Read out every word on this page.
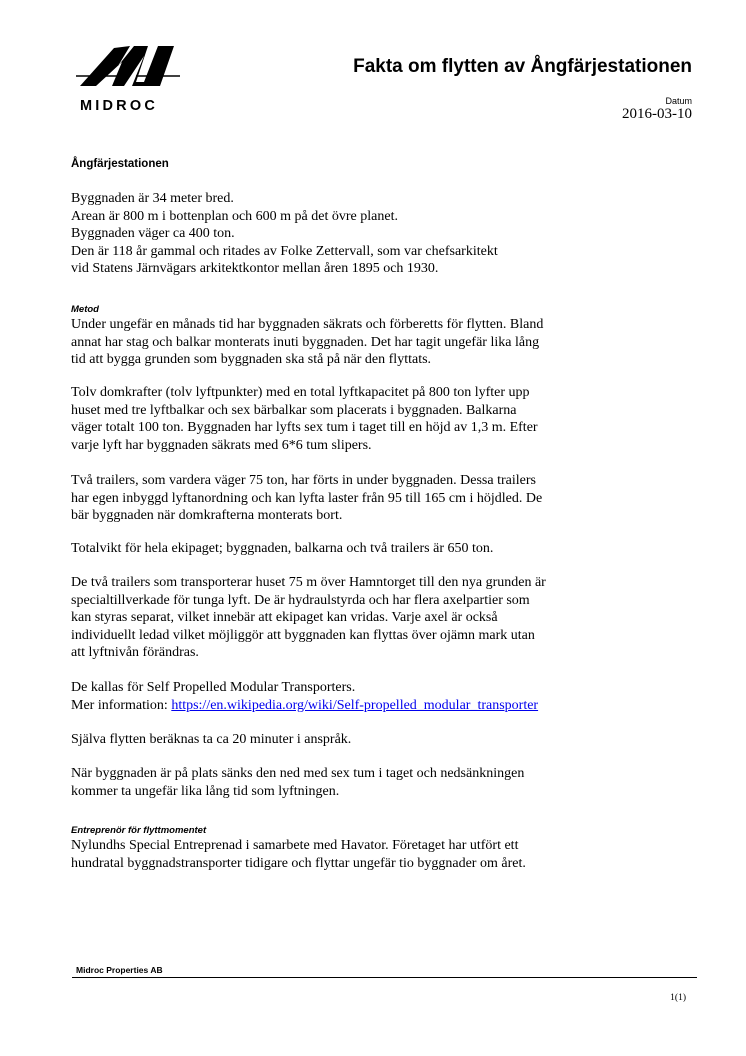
MIDROC
Fakta om flytten av Ångfärjestationen
Datum
2016-03-10
Ångfärjestationen
Byggnaden är 34 meter bred.
Arean är 800 m i bottenplan och 600 m på det övre planet.
Byggnaden väger ca 400 ton.
Den är 118 år gammal och ritades av Folke Zettervall, som var chefsarkitekt
vid Statens Järnvägars arkitektkontor mellan åren 1895 och 1930.
Metod
Under ungefär en månads tid har byggnaden säkrats och förberetts för flytten. Bland
annat har stag och balkar monterats inuti byggnaden. Det har tagit ungefär lika lång
tid att bygga grunden som byggnaden ska stå på när den flyttats.
Tolv domkrafter (tolv lyftpunkter) med en total lyftkapacitet på 800 ton lyfter upp
huset med tre lyftbalkar och sex bärbalkar som placerats i byggnaden. Balkarna
väger totalt 100 ton. Byggnaden har lyfts sex tum i taget till en höjd av 1,3 m. Efter
varje lyft har byggnaden säkrats med 6*6 tum slipers.
Två trailers, som vardera väger 75 ton, har förts in under byggnaden. Dessa trailers
har egen inbyggd lyftanordning och kan lyfta laster från 95 till 165 cm i höjdled. De
bär byggnaden när domkrafterna monterats bort.
Totalvikt för hela ekipaget; byggnaden, balkarna och två trailers är 650 ton.
De två trailers som transporterar huset 75 m över Hamntorget till den nya grunden är
specialtillverkade för tunga lyft. De är hydraulstyrda och har flera axelpartier som
kan styras separat, vilket innebär att ekipaget kan vridas. Varje axel är också
individuellt ledad vilket möjliggör att byggnaden kan flyttas över ojämn mark utan
att lyftnivån förändras.
De kallas för Self Propelled Modular Transporters.
Mer information: https://en.wikipedia.org/wiki/Self-propelled_modular_transporter
Själva flytten beräknas ta ca 20 minuter i anspråk.
När byggnaden är på plats sänks den ned med sex tum i taget och nedsänkningen
kommer ta ungefär lika lång tid som lyftningen.
Entreprenör för flyttmomentet
Nylundhs Special Entreprenad i samarbete med Havator. Företaget har utfört ett
hundratal byggnadstransporter tidigare och flyttar ungefär tio byggnader om året.
Midroc Properties AB
1(1)
